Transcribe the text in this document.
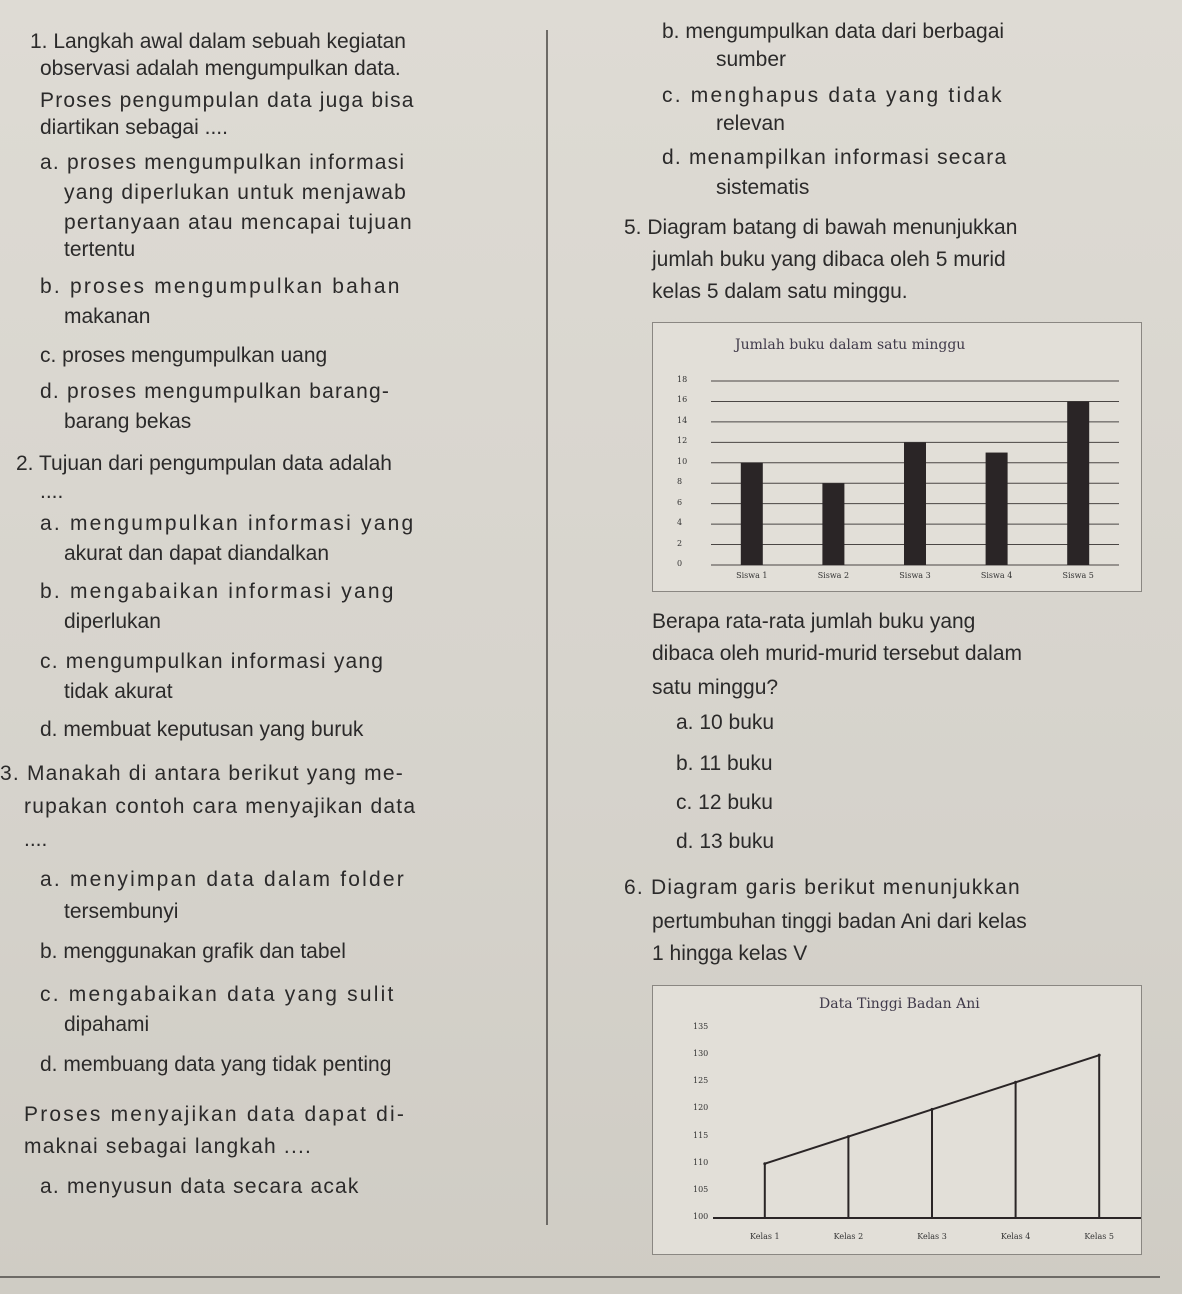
1. Langkah awal dalam sebuah kegiatan
observasi adalah mengumpulkan data.
Proses pengumpulan data juga bisa
diartikan sebagai ....
a. proses mengumpulkan informasi
yang diperlukan untuk menjawab
pertanyaan atau mencapai tujuan
tertentu
b. proses mengumpulkan bahan
makanan
c. proses mengumpulkan uang
d. proses mengumpulkan barang-
barang bekas
2. Tujuan dari pengumpulan data adalah
....
a. mengumpulkan informasi yang
akurat dan dapat diandalkan
b. mengabaikan informasi yang
diperlukan
c. mengumpulkan informasi yang
tidak akurat
d. membuat keputusan yang buruk
3. Manakah di antara berikut yang me-
rupakan contoh cara menyajikan data
....
a. menyimpan data dalam folder
tersembunyi
b. menggunakan grafik dan tabel
c. mengabaikan data yang sulit
dipahami
d. membuang data yang tidak penting
Proses menyajikan data dapat di-
maknai sebagai langkah ....
a. menyusun data secara acak
b. mengumpulkan data dari berbagai
sumber
c. menghapus data yang tidak
relevan
d. menampilkan informasi secara
sistematis
5. Diagram batang di bawah menunjukkan
jumlah buku yang dibaca oleh 5 murid
kelas 5 dalam satu minggu.
Jumlah buku dalam satu minggu
18
16
14
12
10
8
6
4
2
0
Siswa 1	Siswa 2	Siswa 3	Siswa 4	Siswa 5
Berapa rata-rata jumlah buku yang
dibaca oleh murid-murid tersebut dalam
satu minggu?
a. 10 buku
b. 11 buku
c. 12 buku
d. 13 buku
6. Diagram garis berikut menunjukkan
pertumbuhan tinggi badan Ani dari kelas
1 hingga kelas V
Data Tinggi Badan Ani
135
130
125
120
115
110
105
100
Kelas 1	Kelas 2	Kelas 3	Kelas 4	Kelas 5
